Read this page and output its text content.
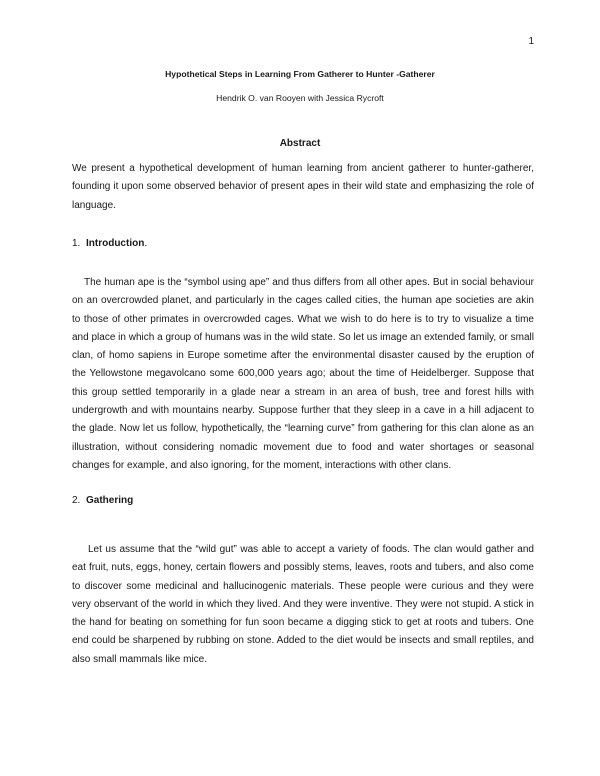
1
Hypothetical Steps in Learning From Gatherer to Hunter -Gatherer
Hendrik O. van Rooyen with Jessica Rycroft
Abstract

We present a hypothetical development of human learning from ancient gatherer to hunter-gatherer, founding it upon some observed behavior of present apes in their wild state and emphasizing the role of language.

1. Introduction.

The human ape is the “symbol using ape” and thus differs from all other apes. But in social behaviour on an overcrowded planet, and particularly in the cages called cities, the human ape societies are akin to those of other primates in overcrowded cages. What we wish to do here is to try to visualize a time and place in which a group of humans was in the wild state. So let us image an extended family, or small clan, of homo sapiens in Europe sometime after the environmental disaster caused by the eruption of the Yellowstone megavolcano some 600,000 years ago; about the time of Heidelberger. Suppose that this group settled temporarily in a glade near a stream in an area of bush, tree and forest hills with undergrowth and with mountains nearby. Suppose further that they sleep in a cave in a hill adjacent to the glade. Now let us follow, hypothetically, the “learning curve” from gathering for this clan alone as an illustration, without considering nomadic movement due to food and water shortages or seasonal changes for example, and also ignoring, for the moment, interactions with other clans.

2. Gathering

Let us assume that the “wild gut” was able to accept a variety of foods. The clan would gather and eat fruit, nuts, eggs, honey, certain flowers and possibly stems, leaves, roots and tubers, and also come to discover some medicinal and hallucinogenic materials. These people were curious and they were very observant of the world in which they lived. And they were inventive. They were not stupid. A stick in the hand for beating on something for fun soon became a digging stick to get at roots and tubers. One end could be sharpened by rubbing on stone. Added to the diet would be insects and small reptiles, and also small mammals like mice.
